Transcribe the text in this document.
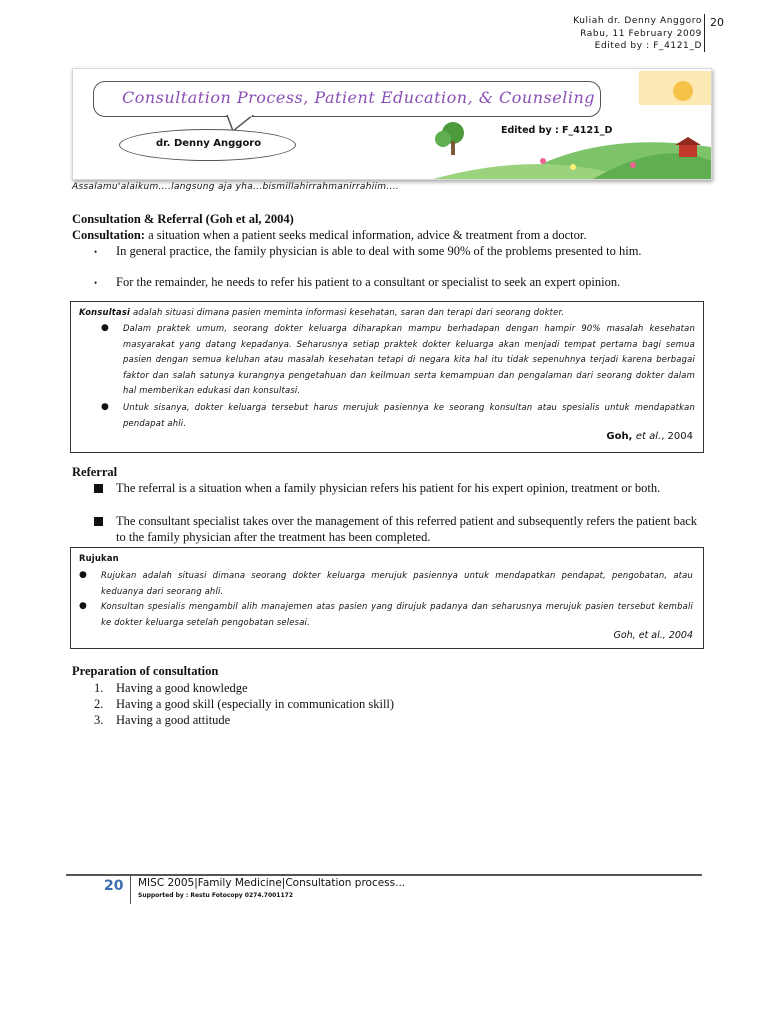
Kuliah dr. Denny Anggoro
Rabu, 11 February 2009
Edited by : F_4121_D
20
Consultation Process, Patient Education, & Counseling
Edited by : F_4121_D
dr. Denny Anggoro
Assalamu'alaikum....langsung aja yha...bismillahirrahmanirrahiim....
Consultation & Referral (Goh et al, 2004)
Consultation: a situation when a patient seeks medical information, advice & treatment from a doctor.
•	In general practice, the family physician is able to deal with some 90% of the problems presented to him.
•	For the remainder, he needs to refer his patient to a consultant or specialist to seek an expert opinion.
Konsultasi adalah situasi dimana pasien meminta informasi kesehatan, saran dan terapi dari seorang dokter.
●	Dalam praktek umum, seorang dokter keluarga diharapkan mampu berhadapan dengan hampir 90% masalah kesehatan masyarakat yang datang kepadanya. Seharusnya setiap praktek dokter keluarga akan menjadi tempat pertama bagi semua pasien dengan semua keluhan atau masalah kesehatan tetapi di negara kita hal itu tidak sepenuhnya terjadi karena berbagai faktor dan salah satunya kurangnya pengetahuan dan keilmuan serta kemampuan dan pengalaman dari seorang dokter dalam hal memberikan edukasi dan konsultasi.
●	Untuk sisanya, dokter keluarga tersebut harus merujuk pasiennya ke seorang konsultan atau spesialis untuk mendapatkan pendapat ahli.
Goh, et al., 2004
Referral
The referral is a situation when a family physician refers his patient for his expert opinion, treatment or both.
The consultant specialist takes over the management of this referred patient and subsequently refers the patient back to the family physician after the treatment has been completed.
Rujukan
●	Rujukan adalah situasi dimana seorang dokter keluarga merujuk pasiennya untuk mendapatkan pendapat, pengobatan, atau keduanya dari seorang ahli.
●	Konsultan spesialis mengambil alih manajemen atas pasien yang dirujuk padanya dan seharusnya merujuk pasien tersebut kembali ke dokter keluarga setelah pengobatan selesai.
Goh, et al., 2004
Preparation of consultation
1.	Having a good knowledge
2.	Having a good skill (especially in communication skill)
3.	Having a good attitude
20 MISC 2005|Family Medicine|Consultation process...
Supported by : Restu Fotocopy 0274.7001172
